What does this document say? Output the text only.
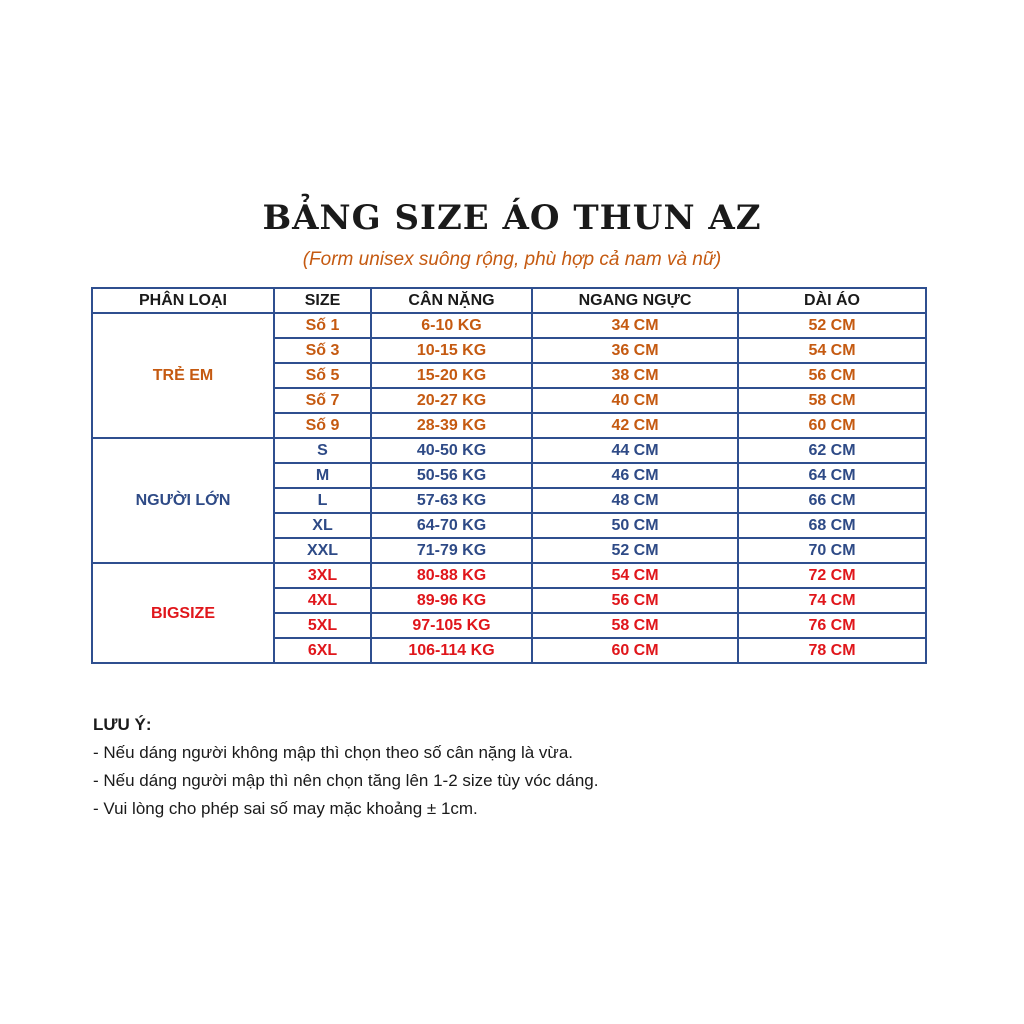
BẢNG SIZE ÁO THUN AZ
(Form unisex suông rộng, phù hợp cả nam và nữ)
PHÂN LOẠI	SIZE	CÂN NẶNG	NGANG NGỰC	DÀI ÁO
TRẺ EM	Số 1	6-10 KG	34 CM	52 CM
	Số 3	10-15 KG	36 CM	54 CM
	Số 5	15-20 KG	38 CM	56 CM
	Số 7	20-27 KG	40 CM	58 CM
	Số 9	28-39 KG	42 CM	60 CM
NGƯỜI LỚN	S	40-50 KG	44 CM	62 CM
	M	50-56 KG	46 CM	64 CM
	L	57-63 KG	48 CM	66 CM
	XL	64-70 KG	50 CM	68 CM
	XXL	71-79 KG	52 CM	70 CM
BIGSIZE	3XL	80-88 KG	54 CM	72 CM
	4XL	89-96 KG	56 CM	74 CM
	5XL	97-105 KG	58 CM	76 CM
	6XL	106-114 KG	60 CM	78 CM
LƯU Ý:
- Nếu dáng người không mập thì chọn theo số cân nặng là vừa.
- Nếu dáng người mập thì nên chọn tăng lên 1-2 size tùy vóc dáng.
- Vui lòng cho phép sai số may mặc khoảng ± 1cm.
